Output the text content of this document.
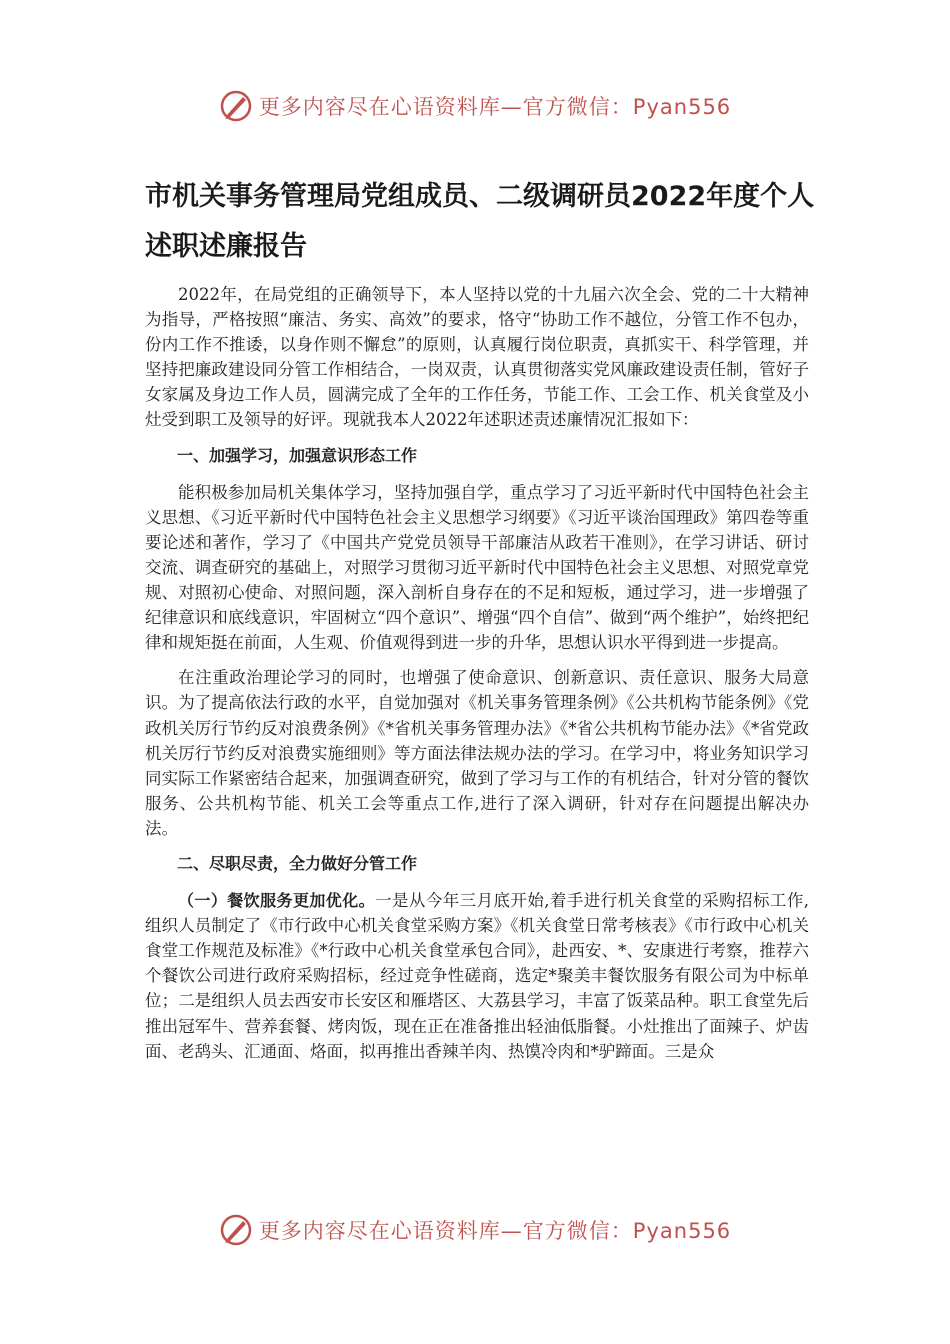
更多内容尽在心语资料库—官方微信：Pyan556
市机关事务管理局党组成员、二级调研员2022年度个人述职述廉报告

2022年，在局党组的正确领导下，本人坚持以党的十九届六次全会、党的二十大精神为指导，严格按照“廉洁、务实、高效”的要求，恪守“协助工作不越位，分管工作不包办，份内工作不推诿，以身作则不懈怠”的原则，认真履行岗位职责，真抓实干、科学管理，并坚持把廉政建设同分管工作相结合，一岗双责，认真贯彻落实党风廉政建设责任制，管好子女家属及身边工作人员，圆满完成了全年的工作任务，节能工作、工会工作、机关食堂及小灶受到职工及领导的好评。现就我本人2022年述职述责述廉情况汇报如下：

一、加强学习，加强意识形态工作

能积极参加局机关集体学习，坚持加强自学，重点学习了习近平新时代中国特色社会主义思想、《习近平新时代中国特色社会主义思想学习纲要》《习近平谈治国理政》第四卷等重要论述和著作，学习了《中国共产党党员领导干部廉洁从政若干准则》，在学习讲话、研讨交流、调查研究的基础上，对照学习贯彻习近平新时代中国特色社会主义思想、对照党章党规、对照初心使命、对照问题，深入剖析自身存在的不足和短板，通过学习，进一步增强了纪律意识和底线意识，牢固树立“四个意识”、增强“四个自信”、做到“两个维护”，始终把纪律和规矩挺在前面，人生观、价值观得到进一步的升华，思想认识水平得到进一步提高。

在注重政治理论学习的同时，也增强了使命意识、创新意识、责任意识、服务大局意识。为了提高依法行政的水平，自觉加强对《机关事务管理条例》《公共机构节能条例》《党政机关厉行节约反对浪费条例》《*省机关事务管理办法》《*省公共机构节能办法》《*省党政机关厉行节约反对浪费实施细则》等方面法律法规办法的学习。在学习中，将业务知识学习同实际工作紧密结合起来，加强调查研究，做到了学习与工作的有机结合，针对分管的餐饮服务、公共机构节能、机关工会等重点工作,进行了深入调研，针对存在问题提出解决办法。

二、尽职尽责，全力做好分管工作

（一）餐饮服务更加优化。一是从今年三月底开始,着手进行机关食堂的采购招标工作,组织人员制定了《市行政中心机关食堂采购方案》《机关食堂日常考核表》《市行政中心机关食堂工作规范及标准》《*行政中心机关食堂承包合同》，赴西安、*、安康进行考察，推荐六个餐饮公司进行政府采购招标，经过竞争性磋商，选定*聚美丰餐饮服务有限公司为中标单位；二是组织人员去西安市长安区和雁塔区、大荔县学习，丰富了饭菜品种。职工食堂先后推出冠军牛、营养套餐、烤肉饭，现在正在准备推出轻油低脂餐。小灶推出了面辣子、炉齿面、老鸹头、汇通面、烙面，拟再推出香辣羊肉、热馍冷肉和*驴蹄面。三是众

更多内容尽在心语资料库—官方微信：Pyan556
